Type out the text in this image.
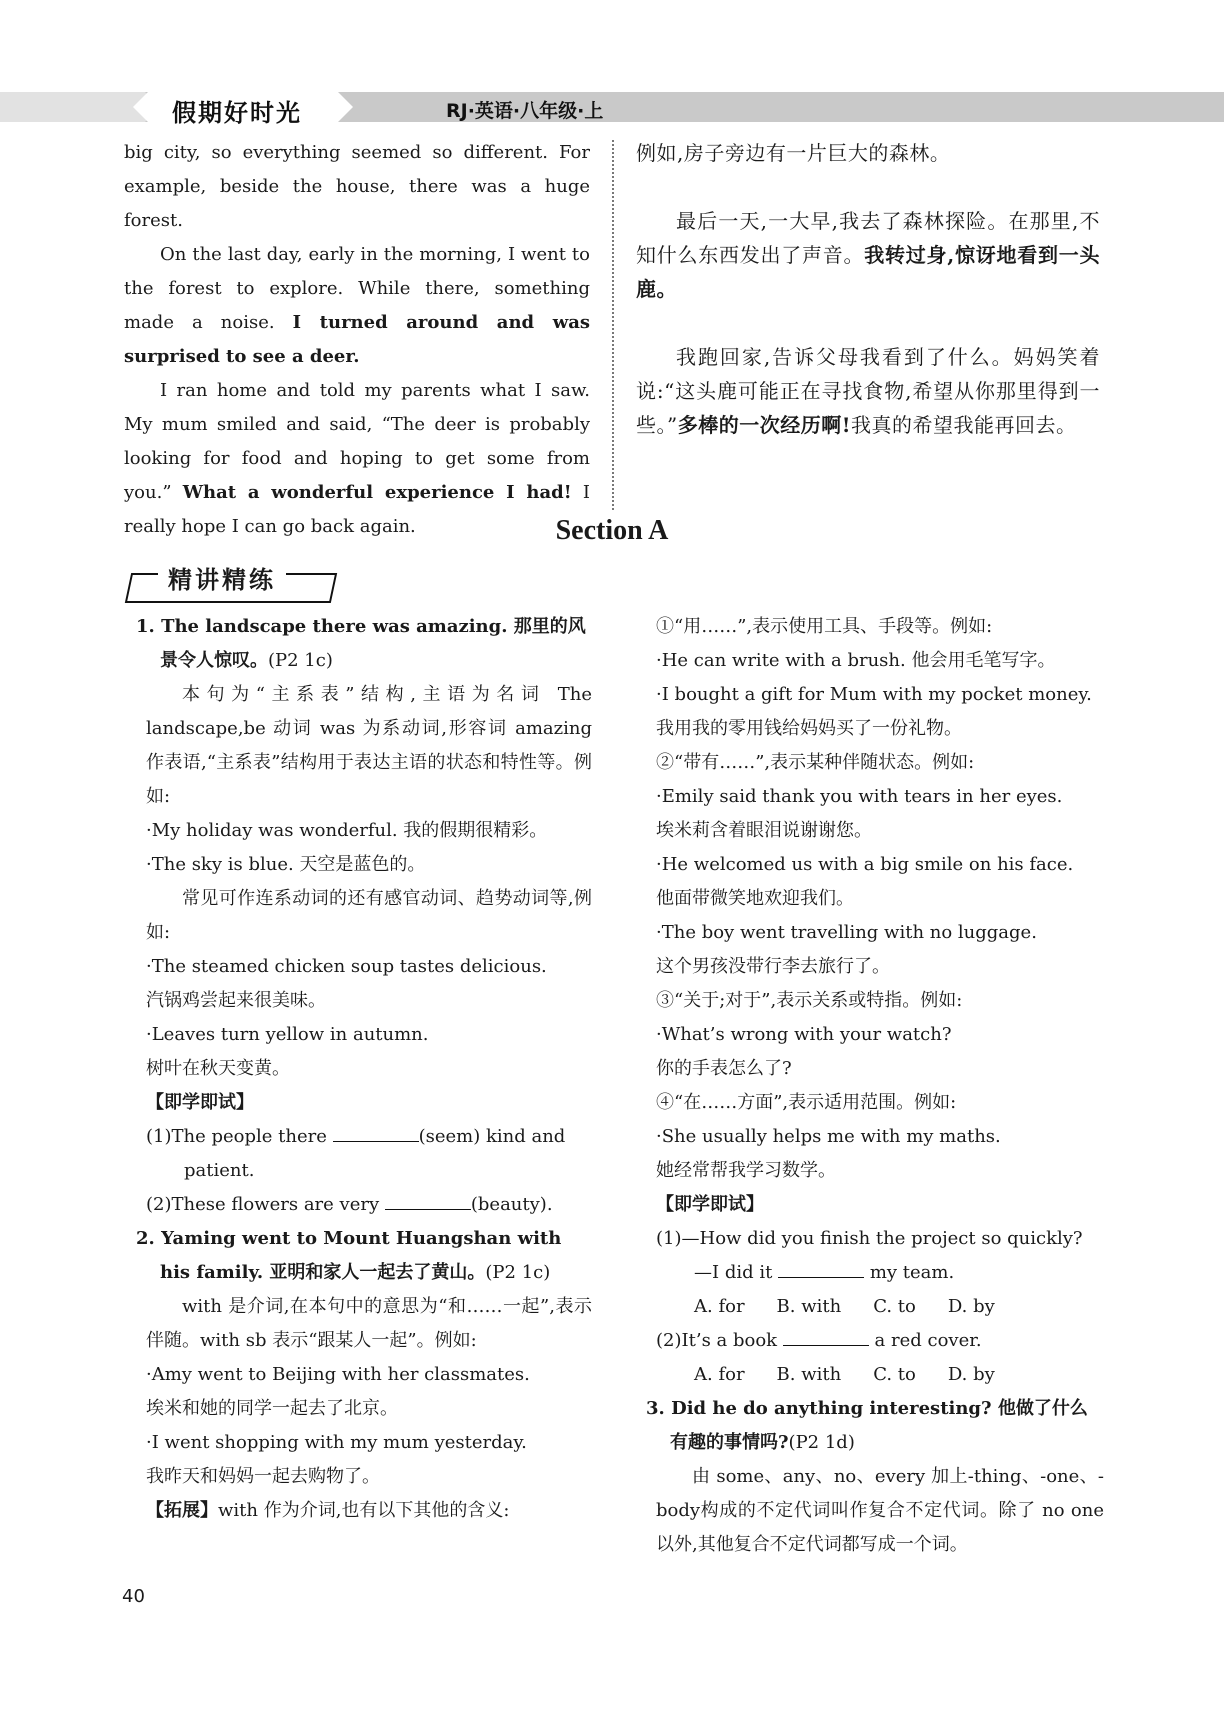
假期好时光	RJ·英语·八年级·上

big city, so everything seemed so different. For example, beside the house, there was a huge forest.

On the last day, early in the morning, I went to the forest to explore. While there, something made a noise. I turned around and was surprised to see a deer.

I ran home and told my parents what I saw. My mum smiled and said, “The deer is probably looking for food and hoping to get some from you.” What a wonderful experience I had! I really hope I can go back again.

例如,房子旁边有一片巨大的森林。

最后一天,一大早,我去了森林探险。在那里,不知什么东西发出了声音。我转过身,惊讶地看到一头鹿。

我跑回家,告诉父母我看到了什么。妈妈笑着说:“这头鹿可能正在寻找食物,希望从你那里得到一些。”多棒的一次经历啊!我真的希望我能再回去。

Section A
精讲精练

1. The landscape there was amazing. 那里的风景令人惊叹。(P2 1c)

本句为“主系表”结构,主语为名词 The landscape,be 动词 was 为系动词,形容词 amazing 作表语,“主系表”结构用于表达主语的状态和特性等。例如:

·My holiday was wonderful. 我的假期很精彩。

·The sky is blue. 天空是蓝色的。

常见可作连系动词的还有感官动词、趋势动词等,例如:

·The steamed chicken soup tastes delicious.

汽锅鸡尝起来很美味。

·Leaves turn yellow in autumn.

树叶在秋天变黄。

【即学即试】

(1)The people there	(seem) kind and patient.

(2)These flowers are very	(beauty).

2. Yaming went to Mount Huangshan with his family. 亚明和家人一起去了黄山。(P2 1c)

with 是介词,在本句中的意思为“和……一起”,表示伴随。with sb 表示“跟某人一起”。例如:

·Amy went to Beijing with her classmates.

埃米和她的同学一起去了北京。

·I went shopping with my mum yesterday.

我昨天和妈妈一起去购物了。

【拓展】with 作为介词,也有以下其他的含义:

①“用……”,表示使用工具、手段等。例如:

·He can write with a brush. 他会用毛笔写字。

·I bought a gift for Mum with my pocket money.

我用我的零用钱给妈妈买了一份礼物。

②“带有……”,表示某种伴随状态。例如:

·Emily said thank you with tears in her eyes.

埃米莉含着眼泪说谢谢您。

·He welcomed us with a big smile on his face.

他面带微笑地欢迎我们。

·The boy went travelling with no luggage.

这个男孩没带行李去旅行了。

③“关于;对于”,表示关系或特指。例如:

·What’s wrong with your watch?

你的手表怎么了?

④“在……方面”,表示适用范围。例如:

·She usually helps me with my maths.

她经常帮我学习数学。

【即学即试】

(1)—How did you finish the project so quickly?

—I did it	my team.

A. for B. with C. to D. by

(2)It’s a book	a red cover.

A. for B. with C. to D. by

3. Did he do anything interesting? 他做了什么有趣的事情吗?(P2 1d)

由 some、any、no、every 加上-thing、-one、-body构成的不定代词叫作复合不定代词。除了 no one 以外,其他复合不定代词都写成一个词。

40
